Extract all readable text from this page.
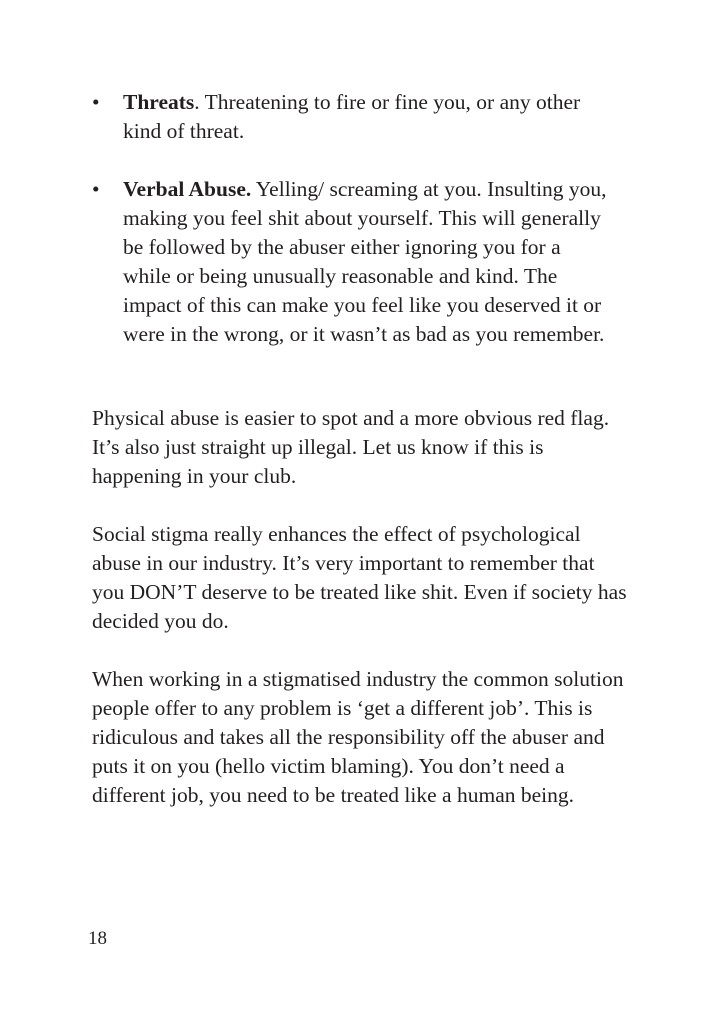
• Threats. Threatening to fire or fine you, or any other kind of threat.
• Verbal Abuse. Yelling/ screaming at you. Insulting you, making you feel shit about yourself. This will generally be followed by the abuser either ignoring you for a while or being unusually reasonable and kind. The impact of this can make you feel like you deserved it or were in the wrong, or it wasn’t as bad as you remember.

Physical abuse is easier to spot and a more obvious red flag. It’s also just straight up illegal. Let us know if this is happening in your club.

Social stigma really enhances the effect of psychological abuse in our industry. It’s very important to remember that you DON’T deserve to be treated like shit. Even if society has decided you do.

When working in a stigmatised industry the common solution people offer to any problem is ‘get a different job’. This is ridiculous and takes all the responsibility off the abuser and puts it on you (hello victim blaming). You don’t need a different job, you need to be treated like a human being.

18
